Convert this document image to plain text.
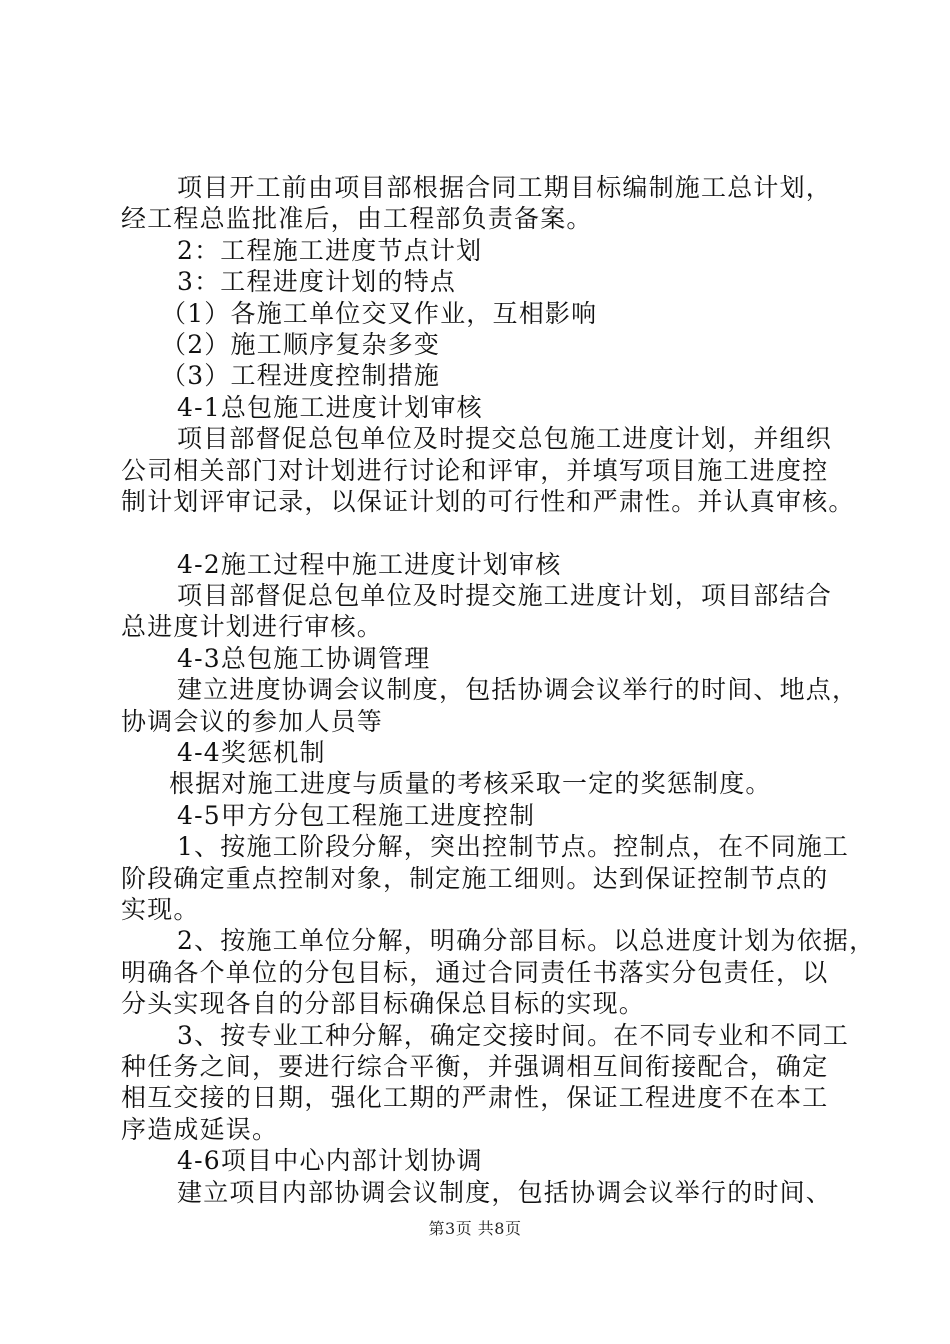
项目开工前由项目部根据合同工期目标编制施工总计划，
经工程总监批准后，由工程部负责备案。
2：工程施工进度节点计划
3：工程进度计划的特点
（1）各施工单位交叉作业，互相影响
（2）施工顺序复杂多变
（3）工程进度控制措施
4-1总包施工进度计划审核
项目部督促总包单位及时提交总包施工进度计划，并组织
公司相关部门对计划进行讨论和评审，并填写项目施工进度控
制计划评审记录，以保证计划的可行性和严肃性。并认真审核。
4-2施工过程中施工进度计划审核
项目部督促总包单位及时提交施工进度计划，项目部结合
总进度计划进行审核。
4-3总包施工协调管理
建立进度协调会议制度，包括协调会议举行的时间、地点，
协调会议的参加人员等
4-4奖惩机制
根据对施工进度与质量的考核采取一定的奖惩制度。
4-5甲方分包工程施工进度控制
1、按施工阶段分解，突出控制节点。控制点，在不同施工
阶段确定重点控制对象，制定施工细则。达到保证控制节点的
实现。
2、按施工单位分解，明确分部目标。以总进度计划为依据，
明确各个单位的分包目标，通过合同责任书落实分包责任，以
分头实现各自的分部目标确保总目标的实现。
3、按专业工种分解，确定交接时间。在不同专业和不同工
种任务之间，要进行综合平衡，并强调相互间衔接配合，确定
相互交接的日期，强化工期的严肃性，保证工程进度不在本工
序造成延误。
4-6项目中心内部计划协调
建立项目内部协调会议制度，包括协调会议举行的时间、
第3页 共8页
